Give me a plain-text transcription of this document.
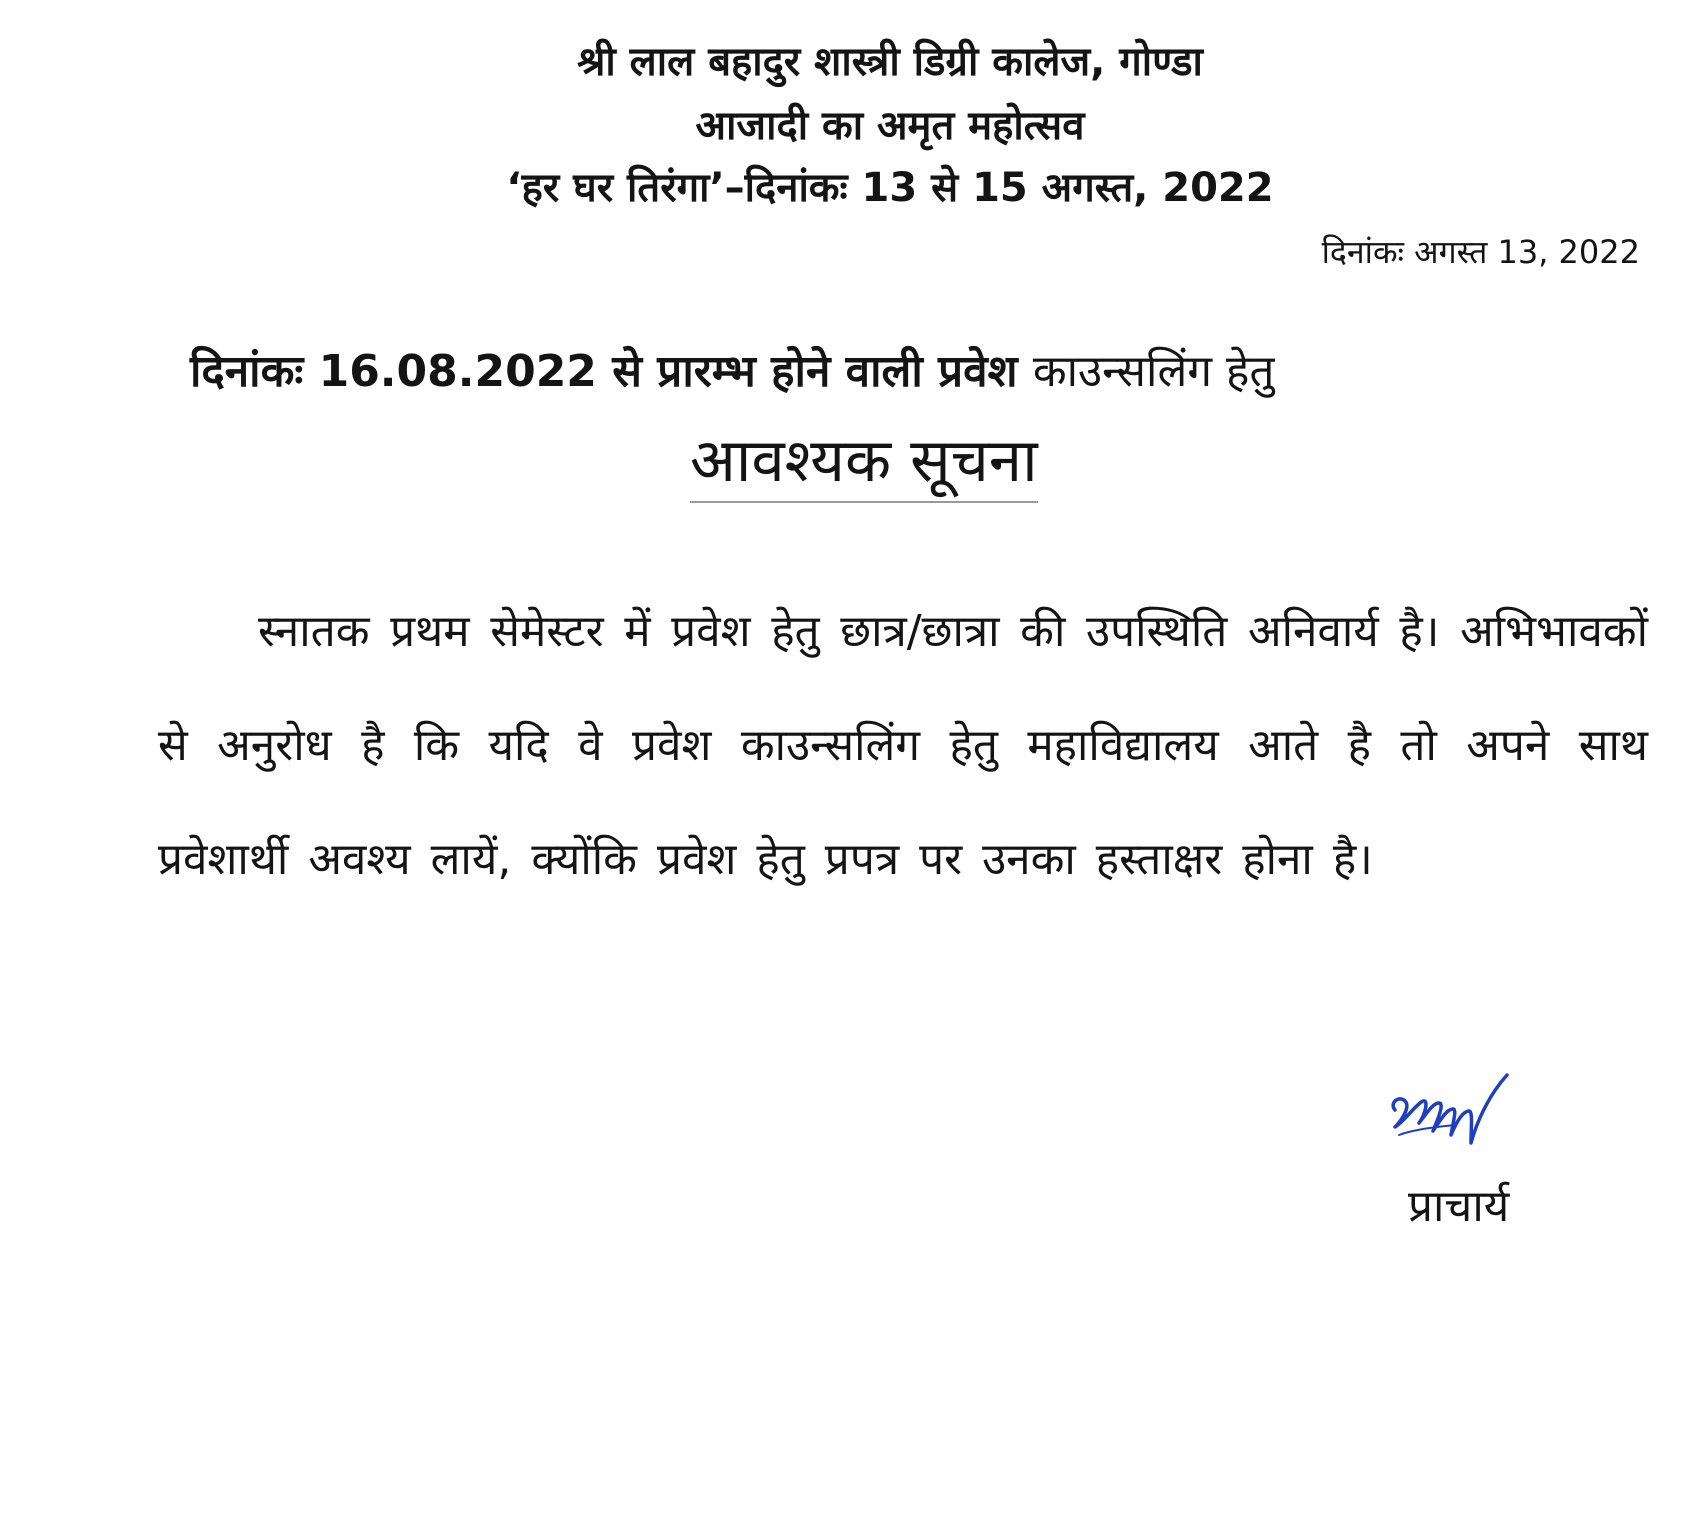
श्री लाल बहादुर शास्त्री डिग्री कालेज, गोण्डा
आजादी का अमृत महोत्सव
‘हर घर तिरंगा’–दिनांकः 13 से 15 अगस्त, 2022
दिनांकः अगस्त 13, 2022
दिनांकः 16.08.2022 से प्रारम्भ होने वाली प्रवेश काउन्सलिंग हेतु
आवश्यक सूचना
स्नातक प्रथम सेमेस्टर में प्रवेश हेतु छात्र/छात्रा की उपस्थिति अनिवार्य है। अभिभावकों से अनुरोध है कि यदि वे प्रवेश काउन्सलिंग हेतु महाविद्यालय आते है तो अपने साथ प्रवेशार्थी अवश्य लायें, क्योंकि प्रवेश हेतु प्रपत्र पर उनका हस्ताक्षर होना है।
प्राचार्य
